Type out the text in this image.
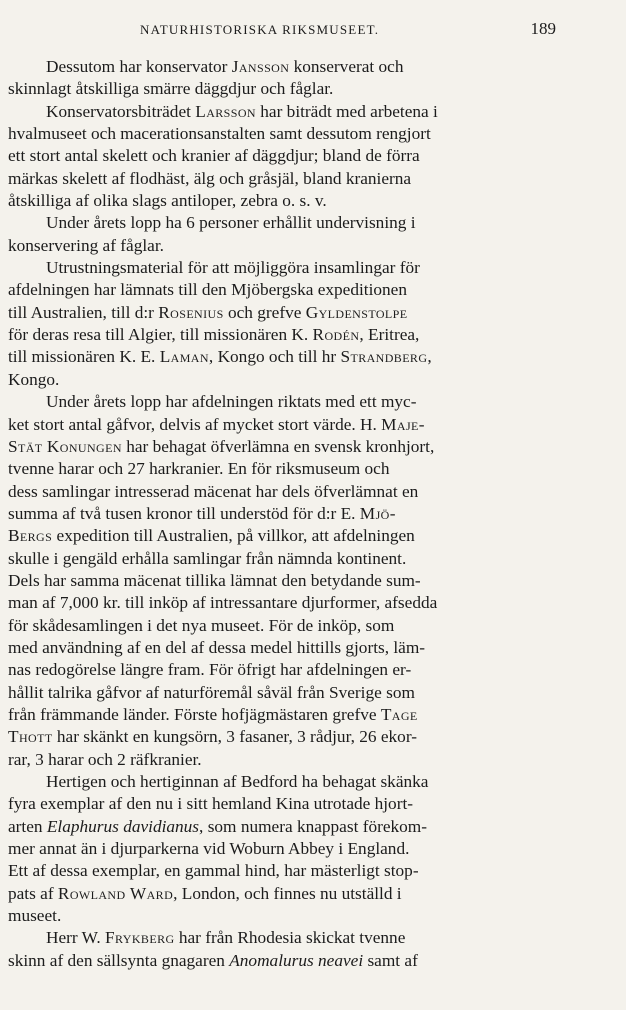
NATURHISTORISKA RIKSMUSEET.	189

Dessutom har konservator Jansson konserverat och
skinnlagt åtskilliga smärre däggdjur och fåglar.

Konservatorsbiträdet Larsson har biträdt med arbetena i
hvalmuseet och macerationsanstalten samt dessutom rengjort
ett stort antal skelett och kranier af däggdjur; bland de förra
märkas skelett af flodhäst, älg och gråsjäl, bland kranierna
åtskilliga af olika slags antiloper, zebra o. s. v.

Under årets lopp ha 6 personer erhållit undervisning i
konservering af fåglar.

Utrustningsmaterial för att möjliggöra insamlingar för
afdelningen har lämnats till den Mjöbergska expeditionen
till Australien, till d:r Rosenius och grefve Gyldenstolpe
för deras resa till Algier, till missionären K. Rodén, Eritrea,
till missionären K. E. Laman, Kongo och till hr Strandberg,
Kongo.

Under årets lopp har afdelningen riktats med ett myc-
ket stort antal gåfvor, delvis af mycket stort värde. H. Maje-
Stät Konungen har behagat öfverlämna en svensk kronhjort,
tvenne harar och 27 harkranier. En för riksmuseum och
dess samlingar intresserad mäcenat har dels öfverlämnat en
summa af två tusen kronor till understöd för d:r E. Mjö-
Bergs expedition till Australien, på villkor, att afdelningen
skulle i gengäld erhålla samlingar från nämnda kontinent.
Dels har samma mäcenat tillika lämnat den betydande sum-
man af 7,000 kr. till inköp af intressantare djurformer, afsedda
för skådesamlingen i det nya museet. För de inköp, som
med användning af en del af dessa medel hittills gjorts, läm-
nas redogörelse längre fram. För öfrigt har afdelningen er-
hållit talrika gåfvor af naturföremål såväl från Sverige som
från främmande länder. Förste hofjägmästaren grefve Tage
Thott har skänkt en kungsörn, 3 fasaner, 3 rådjur, 26 ekor-
rar, 3 harar och 2 räfkranier.

Hertigen och hertiginnan af Bedford ha behagat skänka
fyra exemplar af den nu i sitt hemland Kina utrotade hjort-
arten Elaphurus davidianus, som numera knappast förekom-
mer annat än i djurparkerna vid Woburn Abbey i England.
Ett af dessa exemplar, en gammal hind, har mästerligt stop-
pats af Rowland Ward, London, och finnes nu utställd i
museet.

Herr W. Frykberg har från Rhodesia skickat tvenne
skinn af den sällsynta gnagaren Anomalurus neavei samt af
